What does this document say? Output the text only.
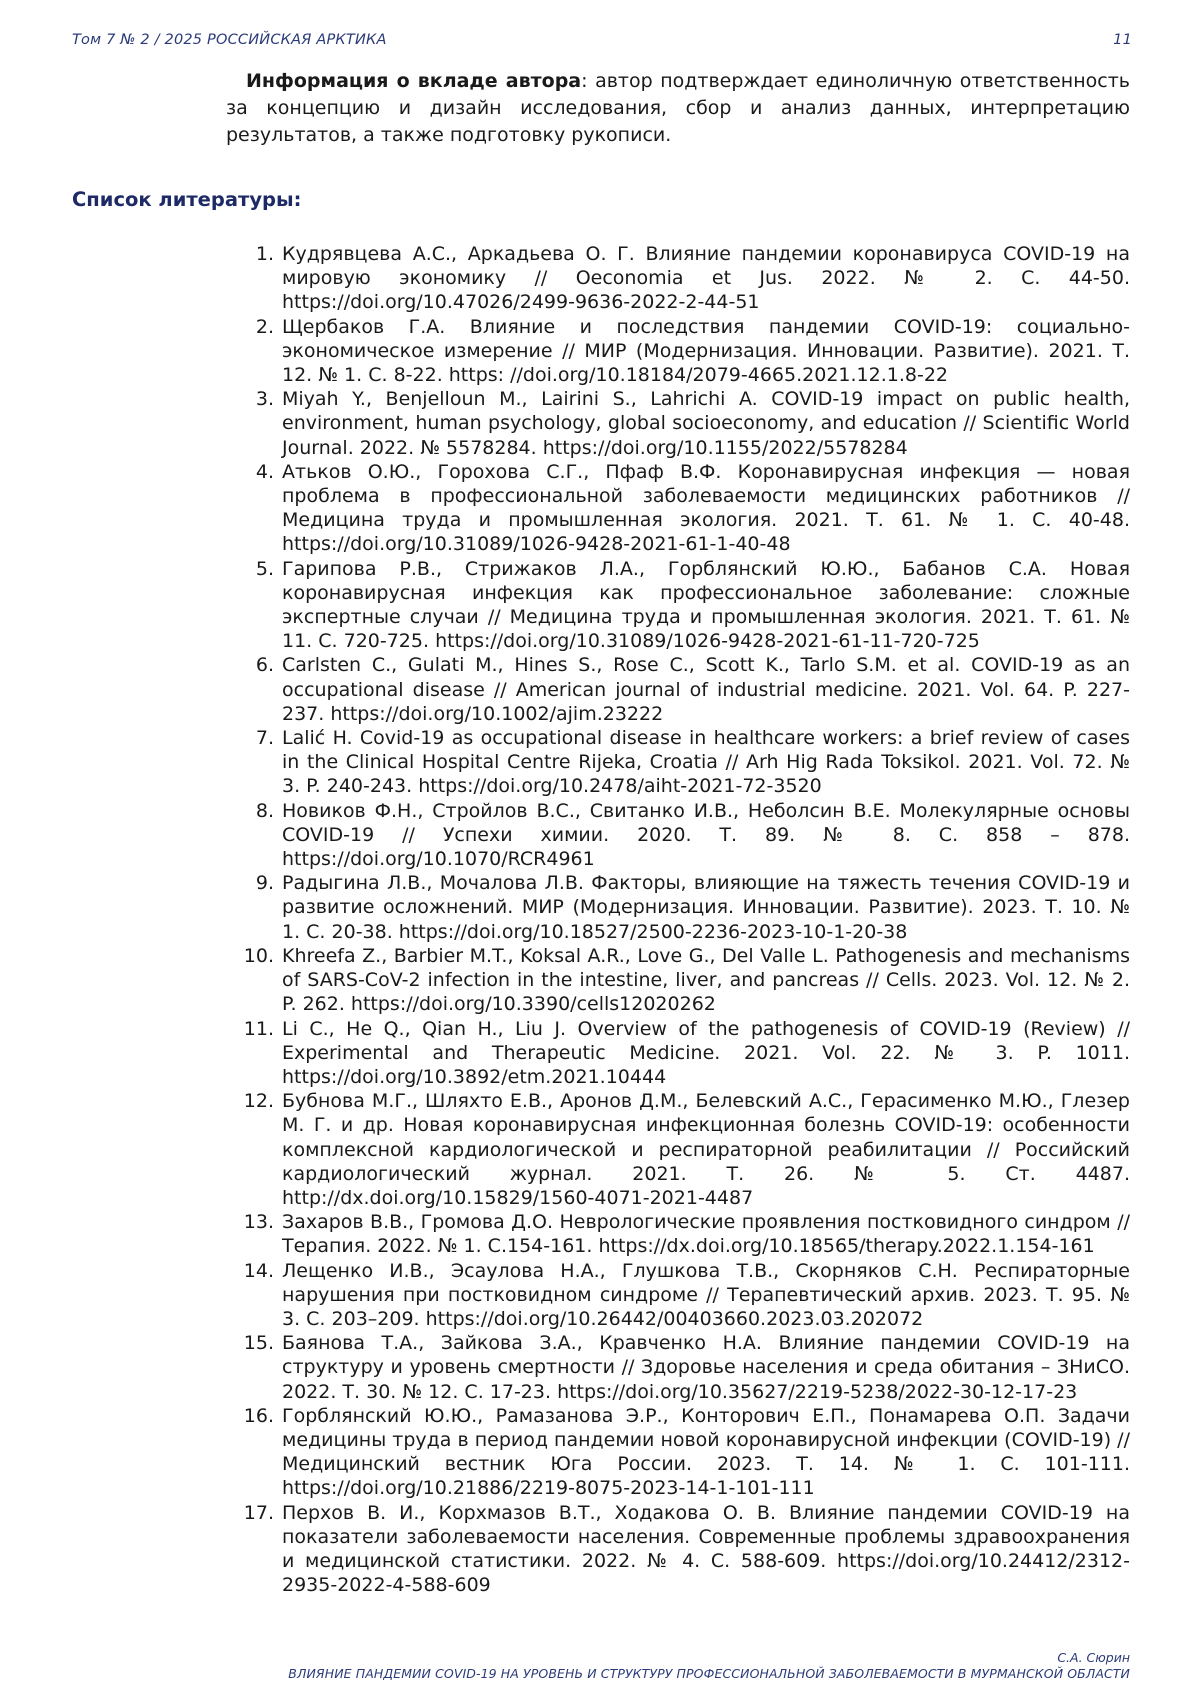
Том 7 № 2 / 2025 РОССИЙСКАЯ АРКТИКА	11

Информация о вкладе автора: автор подтверждает единоличную ответственность за концепцию и дизайн исследования, сбор и анализ данных, интерпретацию результатов, а также подготовку рукописи.

Список литературы:
1. Кудрявцева А.С., Аркадьева О. Г. Влияние пандемии коронавируса COVID-19 на мировую экономику // Oeconomia et Jus. 2022. № 2. С. 44-50. https://doi.org/10.47026/2499-9636-2022-2-44-51
2. Щербаков Г.А. Влияние и последствия пандемии COVID-19: социально-экономическое измерение // МИР (Модернизация. Инновации. Развитие). 2021. Т. 12. № 1. С. 8-22. https: //doi.org/10.18184/2079-4665.2021.12.1.8-22
3. Miyah Y., Benjelloun M., Lairini S., Lahrichi A. COVID-19 impact on public health, environment, human psychology, global socioeconomy, and education // Scientific World Journal. 2022. № 5578284. https://doi.org/10.1155/2022/5578284
4. Атьков О.Ю., Горохова С.Г., Пфаф В.Ф. Коронавирусная инфекция — новая проблема в профессиональной заболеваемости медицинских работников // Медицина труда и промышленная экология. 2021. Т. 61. № 1. С. 40-48. https://doi.org/10.31089/1026-9428-2021-61-1-40-48
5. Гарипова Р.В., Стрижаков Л.А., Горблянский Ю.Ю., Бабанов С.А. Новая коронавирусная инфекция как профессиональное заболевание: сложные экспертные случаи // Медицина труда и промышленная экология. 2021. Т. 61. № 11. С. 720-725. https://doi.org/10.31089/1026-9428-2021-61-11-720-725
6. Carlsten C., Gulati M., Hines S., Rose C., Scott K., Tarlo S.M. et al. COVID-19 as an occupational disease // American journal of industrial medicine. 2021. Vol. 64. P. 227-237. https://doi.org/10.1002/ajim.23222
7. Lalić H. Covid-19 as occupational disease in healthcare workers: a brief review of cases in the Clinical Hospital Centre Rijeka, Croatia // Arh Hig Rada Toksikol. 2021. Vol. 72. № 3. P. 240-243. https://doi.org/10.2478/aiht-2021-72-3520
8. Новиков Ф.Н., Стройлов В.С., Свитанко И.В., Неболсин В.Е. Молекулярные основы COVID-19 // Успехи химии. 2020. Т. 89. № 8. С. 858 – 878. https://doi.org/10.1070/RCR4961
9. Радыгина Л.В., Мочалова Л.В. Факторы, влияющие на тяжесть течения COVID-19 и развитие осложнений. МИР (Модернизация. Инновации. Развитие). 2023. Т. 10. № 1. С. 20-38. https://doi.org/10.18527/2500-2236-2023-10-1-20-38
10. Khreefa Z., Barbier M.T., Koksal A.R., Love G., Del Valle L. Pathogenesis and mechanisms of SARS-CoV-2 infection in the intestine, liver, and pancreas // Cells. 2023. Vol. 12. № 2. P. 262. https://doi.org/10.3390/cells12020262
11. Li C., He Q., Qian H., Liu J. Overview of the pathogenesis of COVID-19 (Review) // Experimental and Therapeutic Medicine. 2021. Vol. 22. № 3. P. 1011. https://doi.org/10.3892/etm.2021.10444
12. Бубнова М.Г., Шляхто Е.В., Аронов Д.М., Белевский А.С., Герасименко М.Ю., Глезер М. Г. и др. Новая коронавирусная инфекционная болезнь COVID-19: особенности комплексной кардиологической и респираторной реабилитации // Российский кардиологический журнал. 2021. Т. 26. № 5. Ст. 4487. http://dx.doi.org/10.15829/1560-4071-2021-4487
13. Захаров В.В., Громова Д.О. Неврологические проявления постковидного синдром // Терапия. 2022. № 1. С.154-161. https://dx.doi.org/10.18565/therapy.2022.1.154-161
14. Лещенко И.В., Эсаулова Н.А., Глушкова Т.В., Скорняков С.Н. Респираторные нарушения при постковидном синдроме // Терапевтический архив. 2023. Т. 95. № 3. С. 203–209. https://doi.org/10.26442/00403660.2023.03.202072
15. Баянова Т.А., Зайкова З.А., Кравченко Н.А. Влияние пандемии COVID-19 на структуру и уровень смертности // Здоровье населения и среда обитания – ЗНиСО. 2022. Т. 30. № 12. С. 17-23. https://doi.org/10.35627/2219-5238/2022-30-12-17-23
16. Горблянский Ю.Ю., Рамазанова Э.Р., Конторович Е.П., Понамарева О.П. Задачи медицины труда в период пандемии новой коронавирусной инфекции (COVID-19) // Медицинский вестник Юга России. 2023. Т. 14. № 1. С. 101-111. https://doi.org/10.21886/2219-8075-2023-14-1-101-111
17. Перхов В. И., Корхмазов В.Т., Ходакова О. В. Влияние пандемии COVID-19 на показатели заболеваемости населения. Современные проблемы здравоохранения и медицинской статистики. 2022. № 4. С. 588-609. https://doi.org/10.24412/2312-2935-2022-4-588-609
С.А. Сюрин
ВЛИЯНИЕ ПАНДЕМИИ COVID-19 НА УРОВЕНЬ И СТРУКТУРУ ПРОФЕССИОНАЛЬНОЙ ЗАБОЛЕВАЕМОСТИ В МУРМАНСКОЙ ОБЛАСТИ
